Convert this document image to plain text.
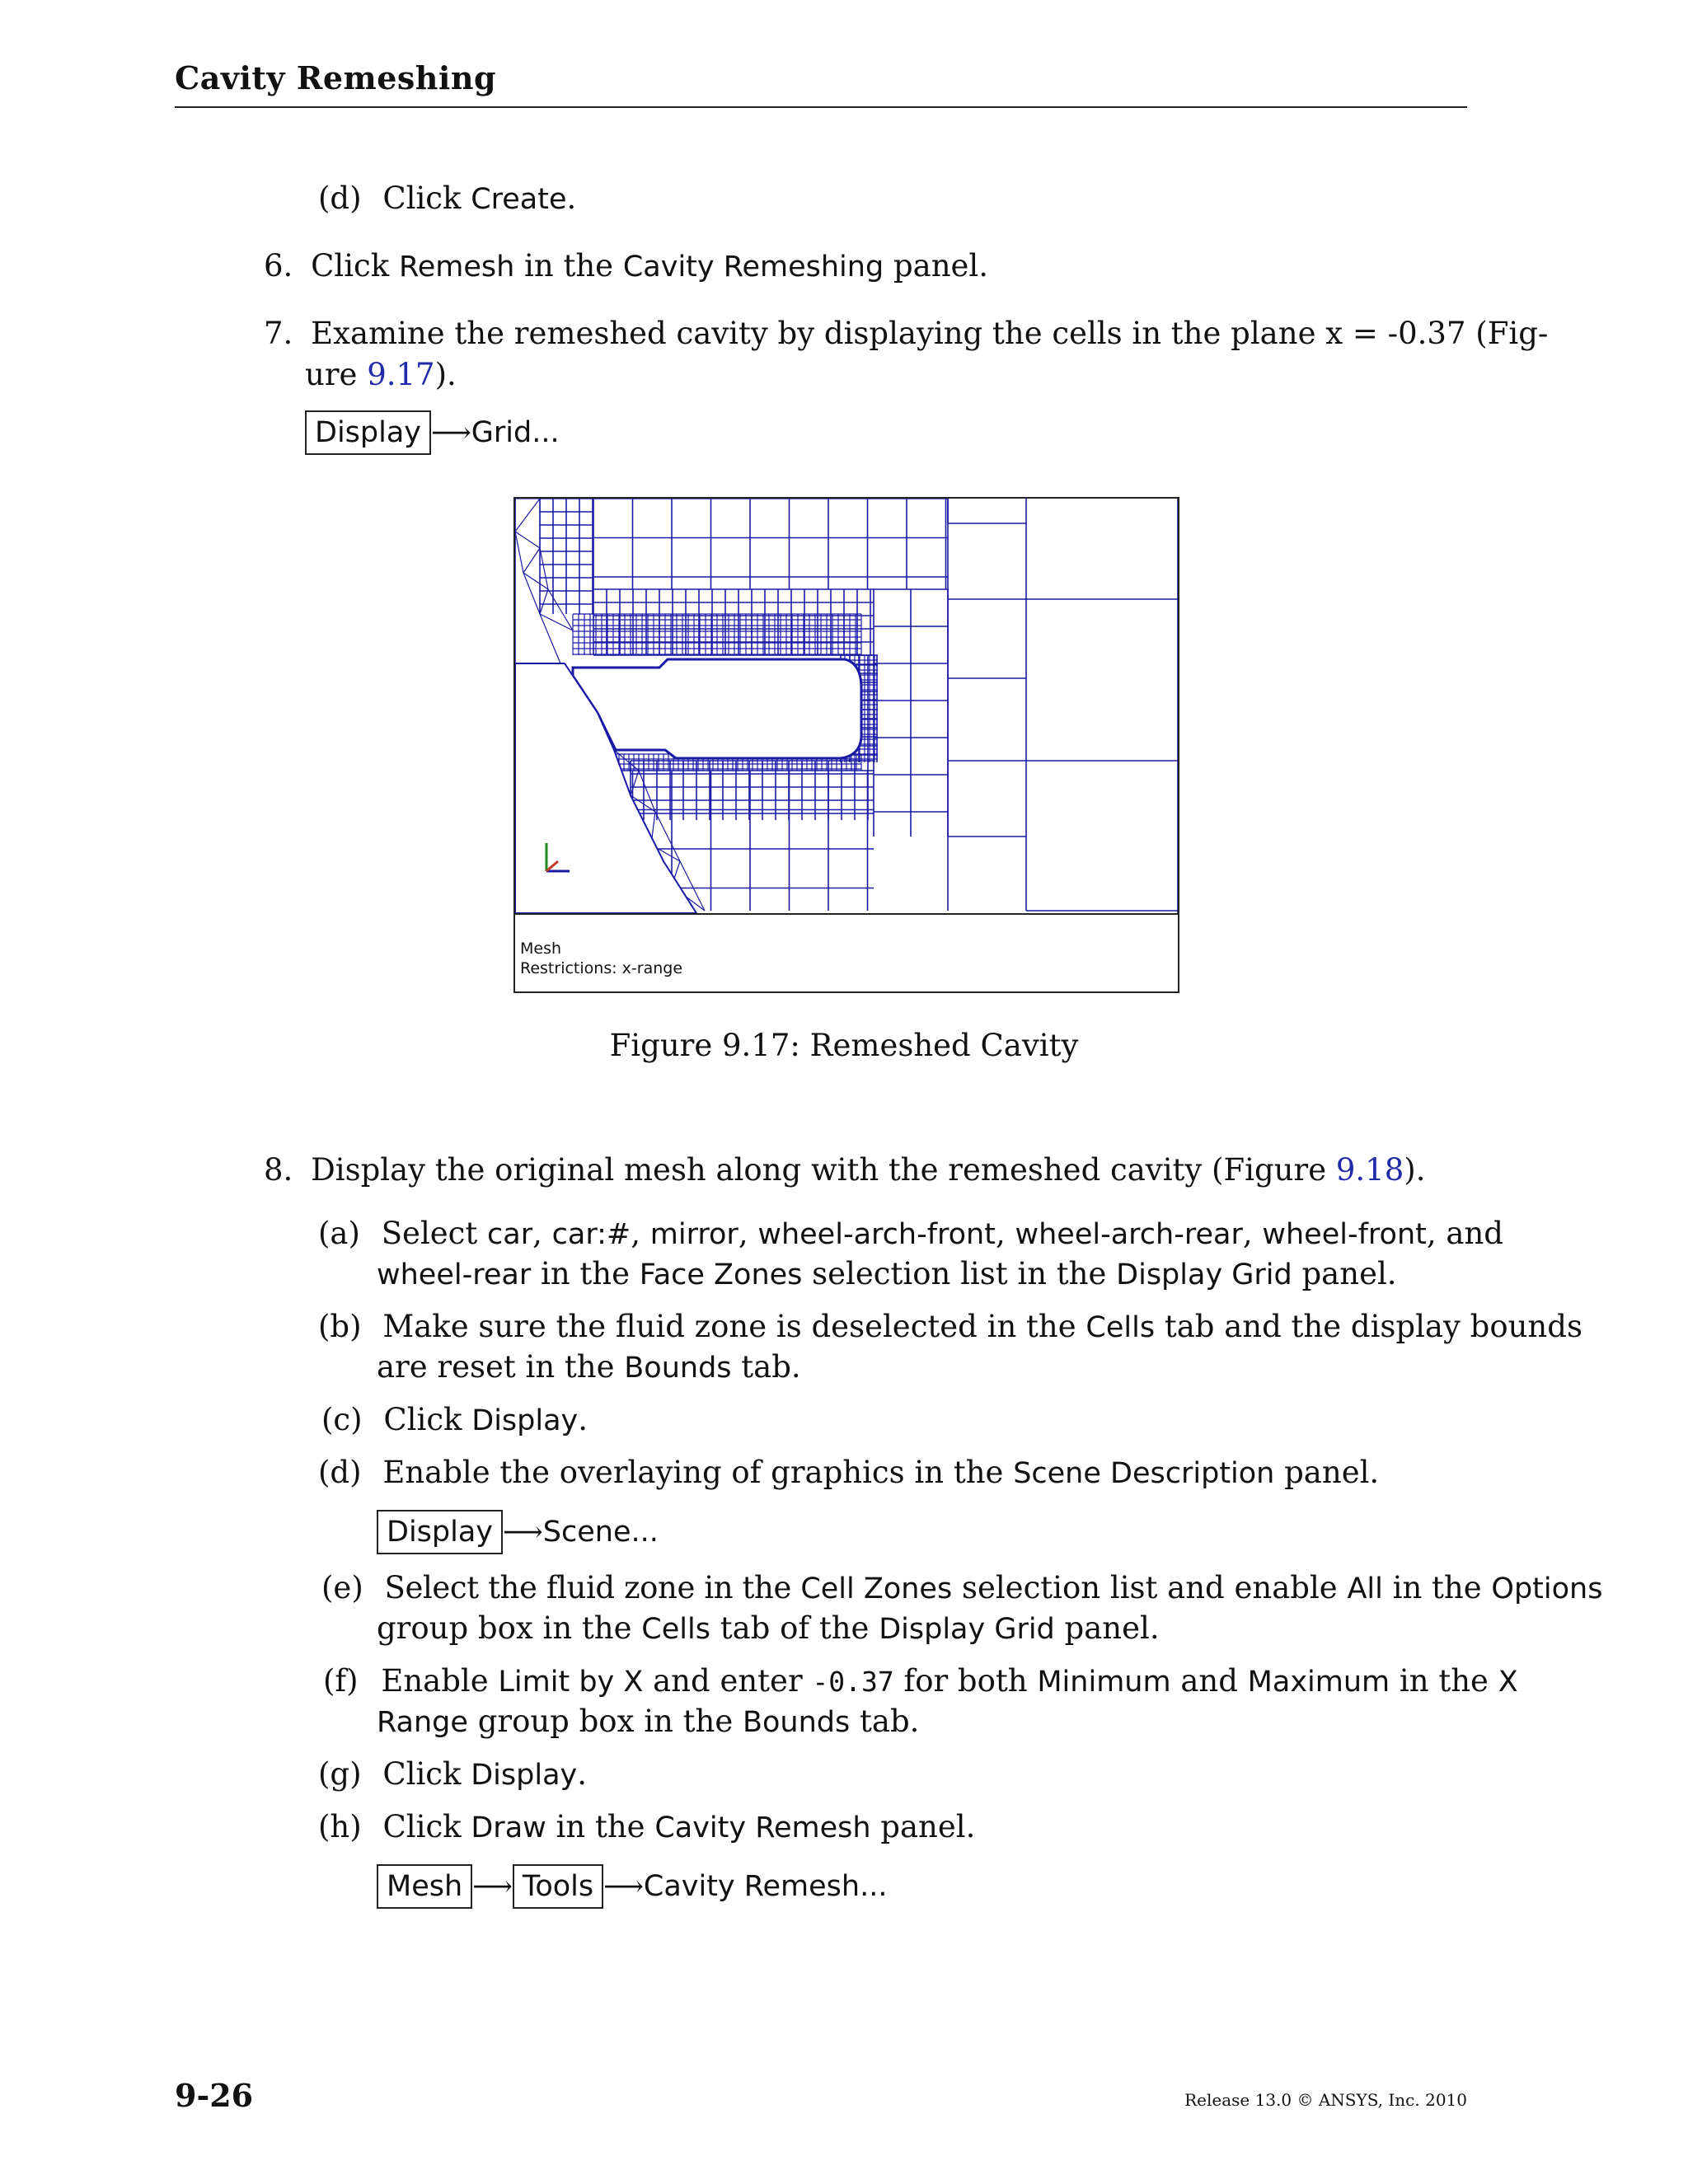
Cavity Remeshing
(d) Click Create.
6. Click Remesh in the Cavity Remeshing panel.
7. Examine the remeshed cavity by displaying the cells in the plane x = -0.37 (Fig-
ure 9.17).
Display ⟶Grid...
Mesh
Restrictions: x-range
Figure 9.17: Remeshed Cavity
8. Display the original mesh along with the remeshed cavity (Figure 9.18).
(a) Select car, car:#, mirror, wheel-arch-front, wheel-arch-rear, wheel-front, and
wheel-rear in the Face Zones selection list in the Display Grid panel.
(b) Make sure the fluid zone is deselected in the Cells tab and the display bounds
are reset in the Bounds tab.
(c) Click Display.
(d) Enable the overlaying of graphics in the Scene Description panel.
Display ⟶Scene...
(e) Select the fluid zone in the Cell Zones selection list and enable All in the Options
group box in the Cells tab of the Display Grid panel.
(f) Enable Limit by X and enter -0.37 for both Minimum and Maximum in the X
Range group box in the Bounds tab.
(g) Click Display.
(h) Click Draw in the Cavity Remesh panel.
Mesh ⟶ Tools ⟶Cavity Remesh...
9-26	Release 13.0 © ANSYS, Inc. 2010
